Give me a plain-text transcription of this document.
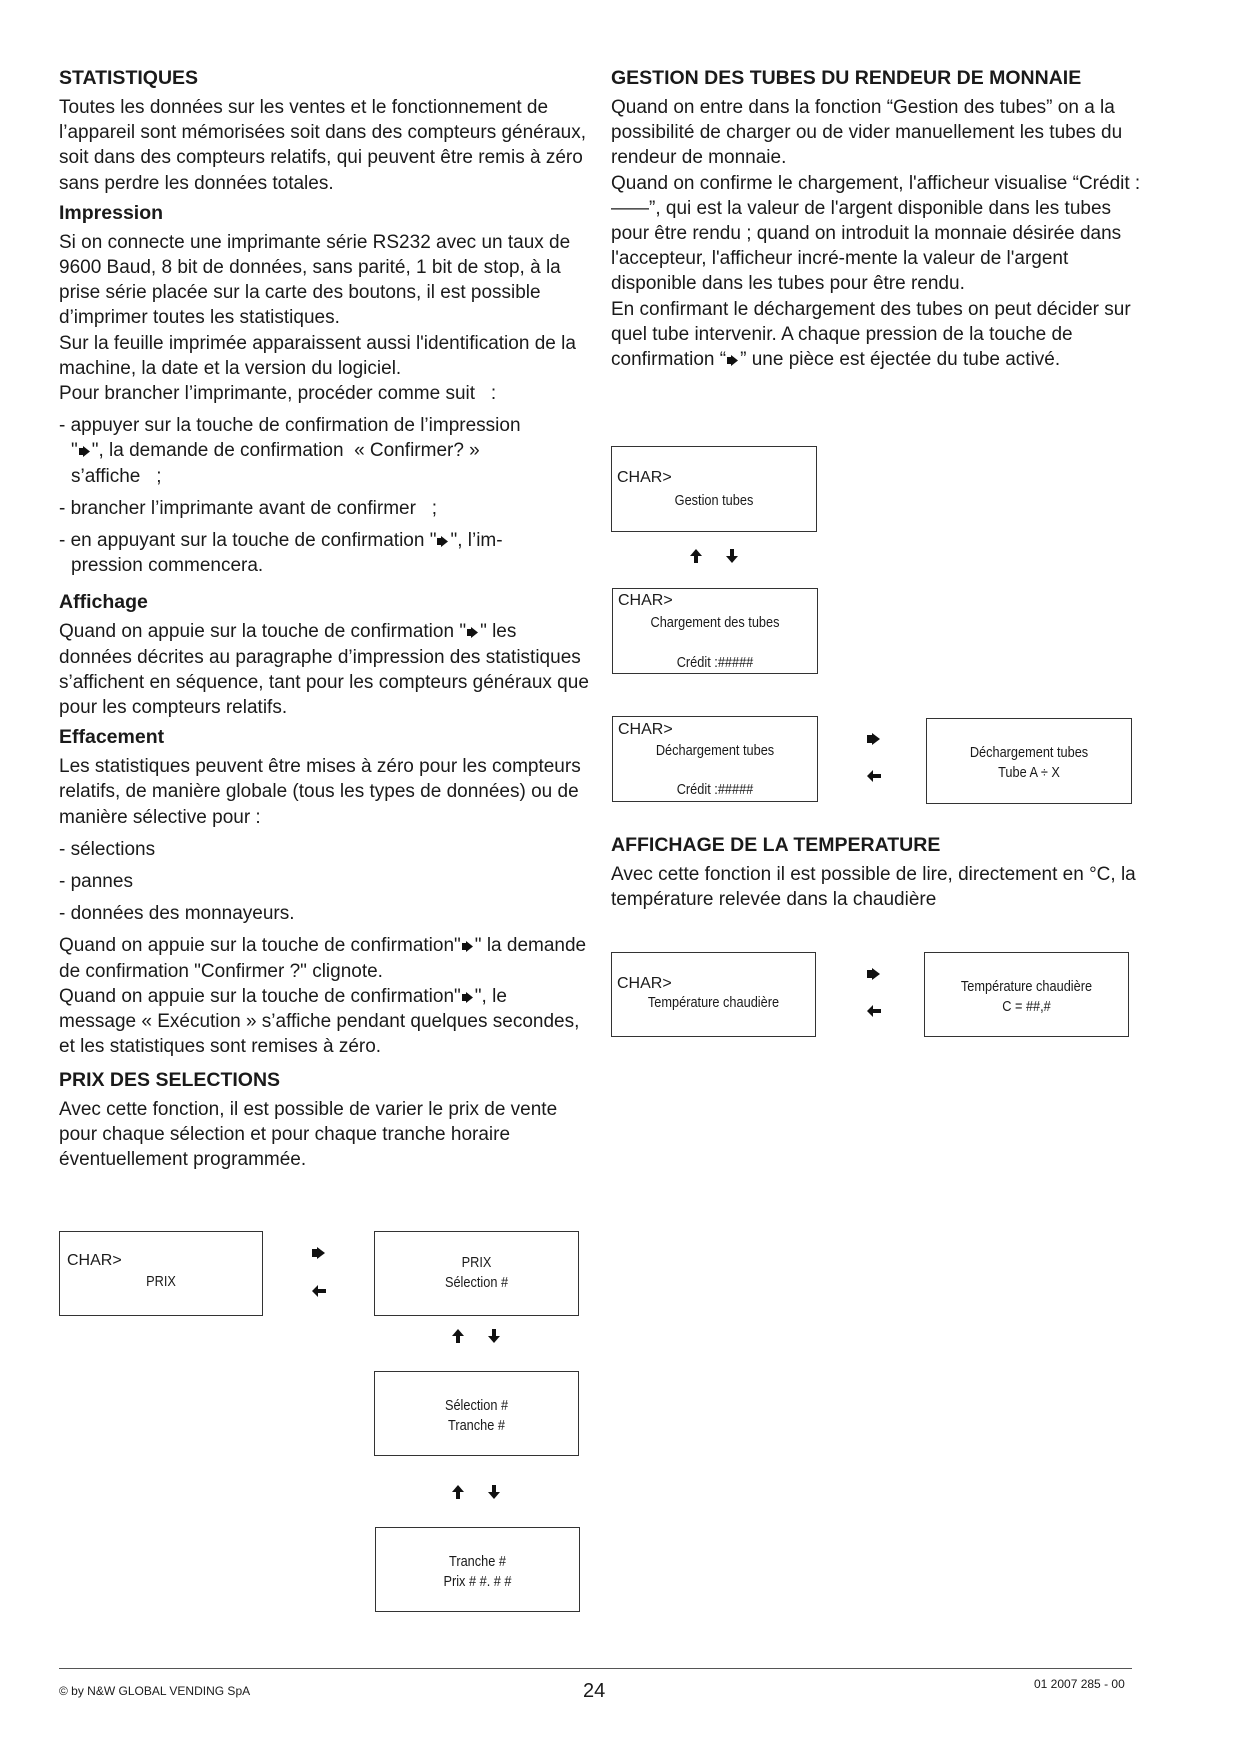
STATISTIQUES

Toutes les données sur les ventes et le fonctionnement de l’appareil sont mémorisées soit dans des compteurs généraux, soit dans des compteurs relatifs, qui peuvent être remis à zéro sans perdre les données totales.

Impression

Si on connecte une imprimante série RS232 avec un taux de 9600 Baud, 8 bit de données, sans parité, 1 bit de stop, à la prise série placée sur la carte des boutons, il est possible d’imprimer toutes les statistiques.

Sur la feuille imprimée apparaissent aussi l'identification de la machine, la date et la version du logiciel.

Pour brancher l’imprimante, procéder comme suit   :

- appuyer sur la touche de confirmation de l’impression
" ", la demande de confirmation  « Confirmer? »
s’affiche   ;
- brancher l’imprimante avant de confirmer   ;
- en appuyant sur la touche de confirmation " ", l’im-
pression commencera.
Affichage

Quand on appuie sur la touche de confirmation " " les données décrites au paragraphe d’impression des statistiques s’affichent en séquence, tant pour les compteurs généraux que pour les compteurs relatifs.

Effacement

Les statistiques peuvent être mises à zéro pour les compteurs relatifs, de manière globale (tous les types de données) ou de manière sélective pour :

- sélections
- pannes
- données des monnayeurs.

Quand on appuie sur la touche de confirmation" " la demande de confirmation "Confirmer ?" clignote.

Quand on appuie sur la touche de confirmation" ", le message « Exécution » s’affiche pendant quelques secondes, et les statistiques sont remises à zéro.

PRIX DES SELECTIONS

Avec cette fonction, il est possible de varier le prix de vente pour chaque sélection et pour chaque tranche horaire éventuellement programmée.

GESTION DES TUBES DU RENDEUR DE MONNAIE

Quand on entre dans la fonction “Gestion des tubes” on a la possibilité de charger ou de vider manuellement les tubes du rendeur de monnaie.

Quand on confirme le chargement, l'afficheur visualise “Crédit : ——”, qui est la valeur de l'argent disponible dans les tubes pour être rendu ; quand on introduit la monnaie désirée dans l'accepteur, l'afficheur incré-mente la valeur de l'argent disponible dans les tubes pour être rendu.

En confirmant le déchargement des tubes on peut décider sur quel tube intervenir. A chaque pression de la touche de confirmation “ ” une pièce est éjectée du tube activé.

CHAR>
Gestion tubes
CHAR>
Chargement des tubes
Crédit :#####
CHAR>
Déchargement tubes
Crédit :#####
Déchargement tubes
Tube A ÷ X
AFFICHAGE DE LA TEMPERATURE

Avec cette fonction il est possible de lire, directement en °C, la température relevée dans la chaudière

CHAR>
Température chaudière
Température chaudière
C = ##,#
CHAR>
PRIX
PRIX
Sélection #
Sélection #
Tranche #
Tranche #
Prix # #. # #
© by N&W GLOBAL VENDING SpA	24	01 2007 285 - 00
